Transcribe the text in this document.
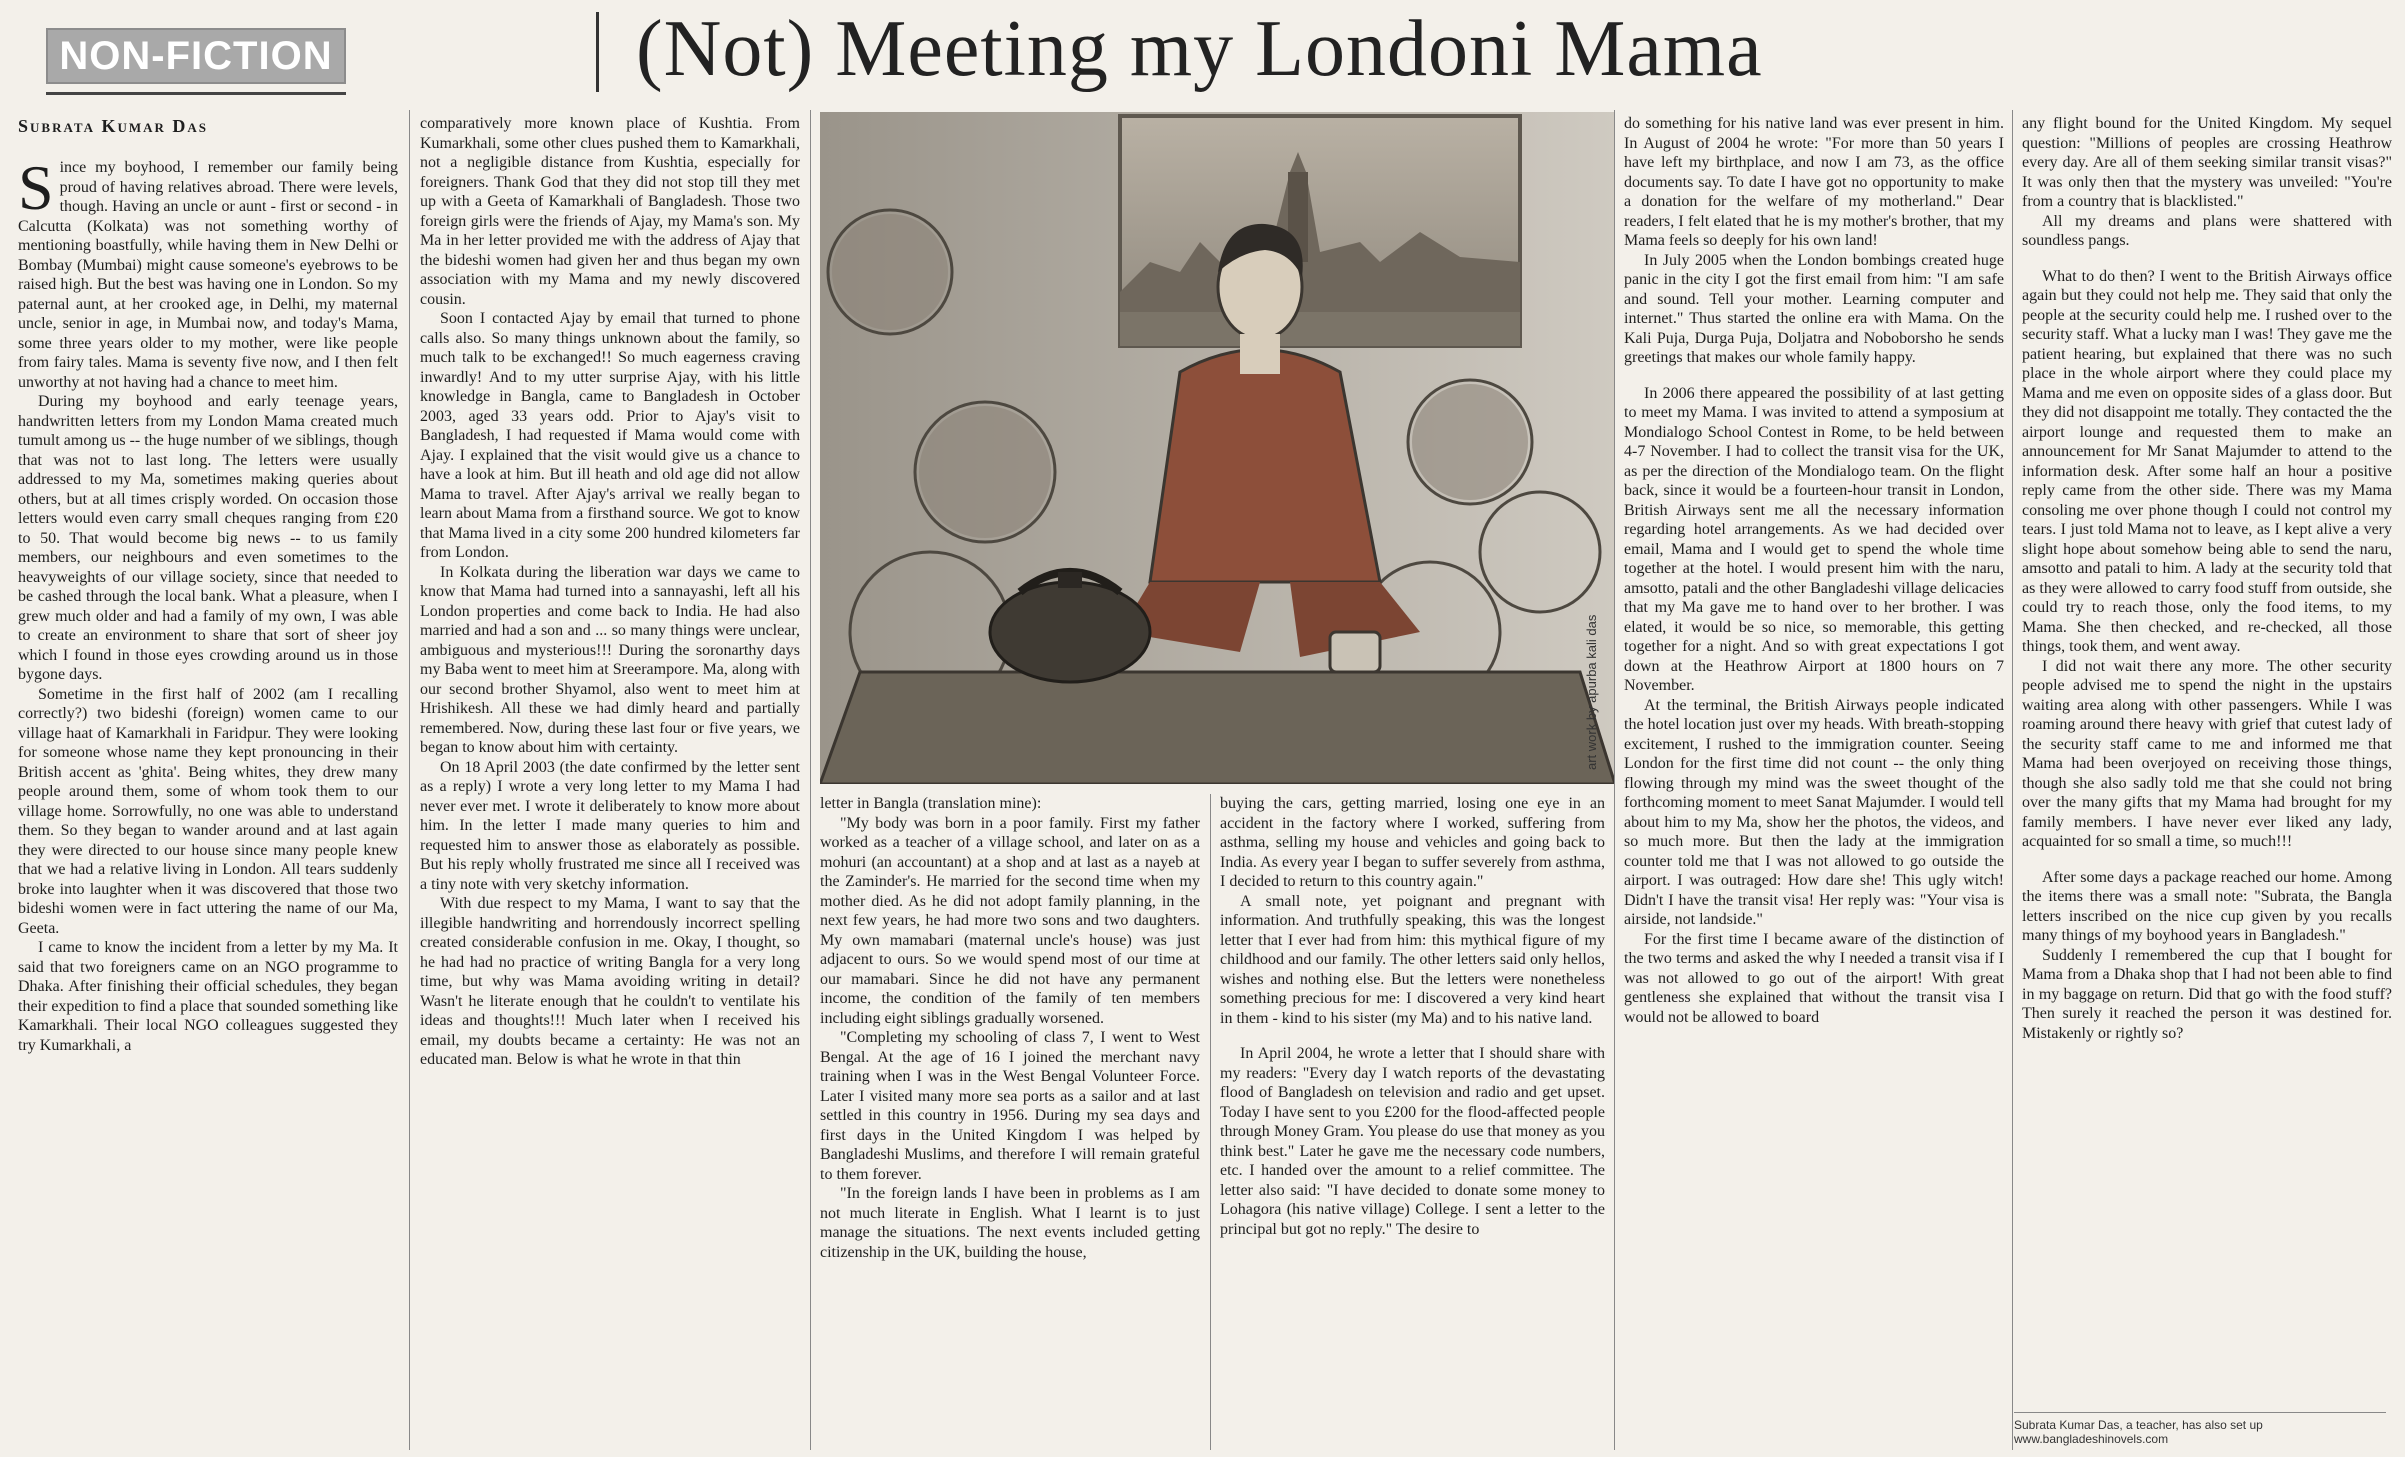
NON-FICTION	(Not) Meeting my Londoni Mama
Subrata Kumar Das

Since my boyhood, I remember our family being proud of having relatives abroad. There were levels, though. Having an uncle or aunt - first or second - in Calcutta (Kolkata) was not something worthy of mentioning boastfully, while having them in New Delhi or Bombay (Mumbai) might cause someone's eyebrows to be raised high. But the best was having one in London. So my paternal aunt, at her crooked age, in Delhi, my maternal uncle, senior in age, in Mumbai now, and today's Mama, some three years older to my mother, were like people from fairy tales. Mama is seventy five now, and I then felt unworthy at not having had a chance to meet him.

During my boyhood and early teenage years, handwritten letters from my London Mama created much tumult among us -- the huge number of we siblings, though that was not to last long. The letters were usually addressed to my Ma, sometimes making queries about others, but at all times crisply worded. On occasion those letters would even carry small cheques ranging from £20 to 50. That would become big news -- to us family members, our neighbours and even sometimes to the heavyweights of our village society, since that needed to be cashed through the local bank. What a pleasure, when I grew much older and had a family of my own, I was able to create an environment to share that sort of sheer joy which I found in those eyes crowding around us in those bygone days.

Sometime in the first half of 2002 (am I recalling correctly?) two bideshi (foreign) women came to our village haat of Kamarkhali in Faridpur. They were looking for someone whose name they kept pronouncing in their British accent as 'ghita'. Being whites, they drew many people around them, some of whom took them to our village home. Sorrowfully, no one was able to understand them. So they began to wander around and at last again they were directed to our house since many people knew that we had a relative living in London. All tears suddenly broke into laughter when it was discovered that those two bideshi women were in fact uttering the name of our Ma, Geeta.

I came to know the incident from a letter by my Ma. It said that two foreigners came on an NGO programme to Dhaka. After finishing their official schedules, they began their expedition to find a place that sounded something like Kamarkhali. Their local NGO colleagues suggested they try Kumarkhali, a

comparatively more known place of Kushtia. From Kumarkhali, some other clues pushed them to Kamarkhali, not a negligible distance from Kushtia, especially for foreigners. Thank God that they did not stop till they met up with a Geeta of Kamarkhali of Bangladesh. Those two foreign girls were the friends of Ajay, my Mama's son. My Ma in her letter provided me with the address of Ajay that the bideshi women had given her and thus began my own association with my Mama and my newly discovered cousin.

Soon I contacted Ajay by email that turned to phone calls also. So many things unknown about the family, so much talk to be exchanged!! So much eagerness craving inwardly! And to my utter surprise Ajay, with his little knowledge in Bangla, came to Bangladesh in October 2003, aged 33 years odd. Prior to Ajay's visit to Bangladesh, I had requested if Mama would come with Ajay. I explained that the visit would give us a chance to have a look at him. But ill heath and old age did not allow Mama to travel. After Ajay's arrival we really began to learn about Mama from a firsthand source. We got to know that Mama lived in a city some 200 hundred kilometers far from London.

In Kolkata during the liberation war days we came to know that Mama had turned into a sannayashi, left all his London properties and come back to India. He had also married and had a son and ... so many things were unclear, ambiguous and mysterious!!! During the soronarthy days my Baba went to meet him at Sreerampore. Ma, along with our second brother Shyamol, also went to meet him at Hrishikesh. All these we had dimly heard and partially remembered. Now, during these last four or five years, we began to know about him with certainty.

On 18 April 2003 (the date confirmed by the letter sent as a reply) I wrote a very long letter to my Mama I had never ever met. I wrote it deliberately to know more about him. In the letter I made many queries to him and requested him to answer those as elaborately as possible. But his reply wholly frustrated me since all I received was a tiny note with very sketchy information.

With due respect to my Mama, I want to say that the illegible handwriting and horrendously incorrect spelling created considerable confusion in me. Okay, I thought, so he had had no practice of writing Bangla for a very long time, but why was Mama avoiding writing in detail? Wasn't he literate enough that he couldn't to ventilate his ideas and thoughts!!! Much later when I received his email, my doubts became a certainty: He was not an educated man. Below is what he wrote in that thin

art work by apurba kali das

letter in Bangla (translation mine):

"My body was born in a poor family. First my father worked as a teacher of a village school, and later on as a mohuri (an accountant) at a shop and at last as a nayeb at the Zaminder's. He married for the second time when my mother died. As he did not adopt family planning, in the next few years, he had more two sons and two daughters. My own mamabari (maternal uncle's house) was just adjacent to ours. So we would spend most of our time at our mamabari. Since he did not have any permanent income, the condition of the family of ten members including eight siblings gradually worsened.

"Completing my schooling of class 7, I went to West Bengal. At the age of 16 I joined the merchant navy training when I was in the West Bengal Volunteer Force. Later I visited many more sea ports as a sailor and at last settled in this country in 1956. During my sea days and first days in the United Kingdom I was helped by Bangladeshi Muslims, and therefore I will remain grateful to them forever.

"In the foreign lands I have been in problems as I am not much literate in English. What I learnt is to just manage the situations. The next events included getting citizenship in the UK, building the house,

buying the cars, getting married, losing one eye in an accident in the factory where I worked, suffering from asthma, selling my house and vehicles and going back to India. As every year I began to suffer severely from asthma, I decided to return to this country again."

A small note, yet poignant and pregnant with information. And truthfully speaking, this was the longest letter that I ever had from him: this mythical figure of my childhood and our family. The other letters said only hellos, wishes and nothing else. But the letters were nonetheless something precious for me: I discovered a very kind heart in them - kind to his sister (my Ma) and to his native land.

In April 2004, he wrote a letter that I should share with my readers: "Every day I watch reports of the devastating flood of Bangladesh on television and radio and get upset. Today I have sent to you £200 for the flood-affected people through Money Gram. You please do use that money as you think best." Later he gave me the necessary code numbers, etc. I handed over the amount to a relief committee. The letter also said: "I have decided to donate some money to Lohagora (his native village) College. I sent a letter to the principal but got no reply." The desire to

do something for his native land was ever present in him. In August of 2004 he wrote: "For more than 50 years I have left my birthplace, and now I am 73, as the office documents say. To date I have got no opportunity to make a donation for the welfare of my motherland." Dear readers, I felt elated that he is my mother's brother, that my Mama feels so deeply for his own land!

In July 2005 when the London bombings created huge panic in the city I got the first email from him: "I am safe and sound. Tell your mother. Learning computer and internet." Thus started the online era with Mama. On the Kali Puja, Durga Puja, Doljatra and Noboborsho he sends greetings that makes our whole family happy.

In 2006 there appeared the possibility of at last getting to meet my Mama. I was invited to attend a symposium at Mondialogo School Contest in Rome, to be held between 4-7 November. I had to collect the transit visa for the UK, as per the direction of the Mondialogo team. On the flight back, since it would be a fourteen-hour transit in London, British Airways sent me all the necessary information regarding hotel arrangements. As we had decided over email, Mama and I would get to spend the whole time together at the hotel. I would present him with the naru, amsotto, patali and the other Bangladeshi village delicacies that my Ma gave me to hand over to her brother. I was elated, it would be so nice, so memorable, this getting together for a night. And so with great expectations I got down at the Heathrow Airport at 1800 hours on 7 November.

At the terminal, the British Airways people indicated the hotel location just over my heads. With breath-stopping excitement, I rushed to the immigration counter. Seeing London for the first time did not count -- the only thing flowing through my mind was the sweet thought of the forthcoming moment to meet Sanat Majumder. I would tell about him to my Ma, show her the photos, the videos, and so much more. But then the lady at the immigration counter told me that I was not allowed to go outside the airport. I was outraged: How dare she! This ugly witch! Didn't I have the transit visa! Her reply was: "Your visa is airside, not landside."

For the first time I became aware of the distinction of the two terms and asked the why I needed a transit visa if I was not allowed to go out of the airport! With great gentleness she explained that without the transit visa I would not be allowed to board

any flight bound for the United Kingdom. My sequel question: "Millions of peoples are crossing Heathrow every day. Are all of them seeking similar transit visas?" It was only then that the mystery was unveiled: "You're from a country that is blacklisted."

All my dreams and plans were shattered with soundless pangs.

What to do then? I went to the British Airways office again but they could not help me. They said that only the people at the security could help me. I rushed over to the security staff. What a lucky man I was! They gave me the patient hearing, but explained that there was no such place in the whole airport where they could place my Mama and me even on opposite sides of a glass door. But they did not disappoint me totally. They contacted the the airport lounge and requested them to make an announcement for Mr Sanat Majumder to attend to the information desk. After some half an hour a positive reply came from the other side. There was my Mama consoling me over phone though I could not control my tears. I just told Mama not to leave, as I kept alive a very slight hope about somehow being able to send the naru, amsotto and patali to him. A lady at the security told that as they were allowed to carry food stuff from outside, she could try to reach those, only the food items, to my Mama. She then checked, and re-checked, all those things, took them, and went away.

I did not wait there any more. The other security people advised me to spend the night in the upstairs waiting area along with other passengers. While I was roaming around there heavy with grief that cutest lady of the security staff came to me and informed me that Mama had been overjoyed on receiving those things, though she also sadly told me that she could not bring over the many gifts that my Mama had brought for my family members. I have never ever liked any lady, acquainted for so small a time, so much!!!

After some days a package reached our home. Among the items there was a small note: "Subrata, the Bangla letters inscribed on the nice cup given by you recalls many things of my boyhood years in Bangladesh."

Suddenly I remembered the cup that I bought for Mama from a Dhaka shop that I had not been able to find in my baggage on return. Did that go with the food stuff? Then surely it reached the person it was destined for. Mistakenly or rightly so?

Subrata Kumar Das, a teacher, has also set up www.bangladeshinovels.com
